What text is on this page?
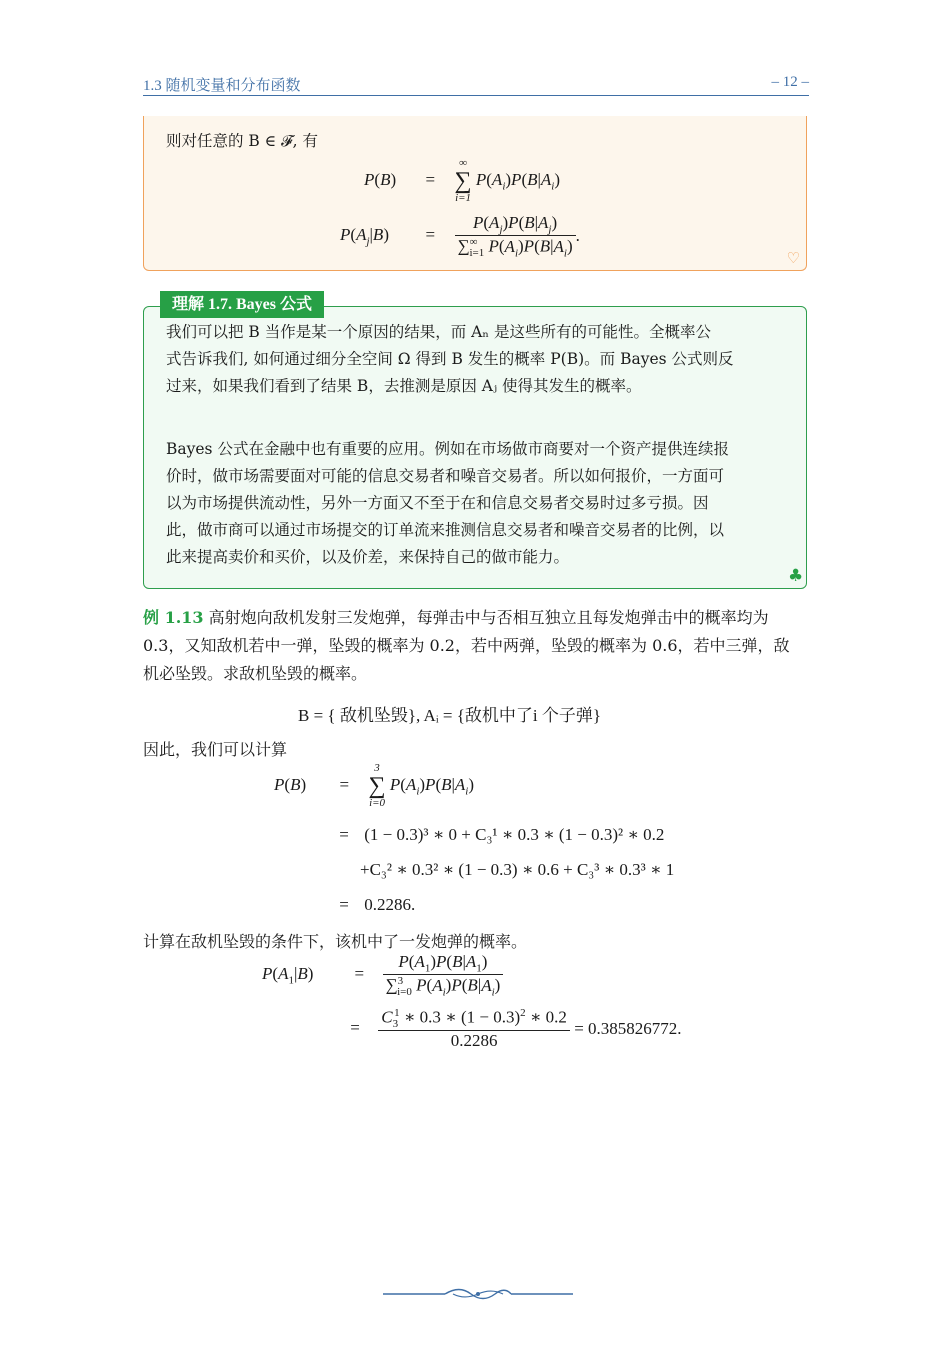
1.3 随机变量和分布函数	– 12 –
♡
则对任意的 B ∈ 𝓕, 有
P(B) =
∞
∑
i=1
$P(A_i)P(B|A_i)$
$P(A_j|B) = \frac{P(A_j)P(B|A_j)}{\sum^\infty_{i=1} P(A_i)P(B|A_i)}$ .
理解 1.7. Bayes 公式
我们可以把 B 当作是某一个原因的结果，而 Aₙ 是这些所有的可能性。全概率公
式告诉我们, 如何通过细分全空间 Ω 得到 B 发生的概率 P(B)。而 Bayes 公式则反
过来，如果我们看到了结果 B，去推测是原因 Aⱼ 使得其发生的概率。
Bayes 公式在金融中也有重要的应用。例如在市场做市商要对一个资产提供连续报
价时，做市场需要面对可能的信息交易者和噪音交易者。所以如何报价，一方面可
以为市场提供流动性，另外一方面又不至于在和信息交易者交易时过多亏损。因
此，做市商可以通过市场提交的订单流来推测信息交易者和噪音交易者的比例，以
此来提高卖价和买价，以及价差，来保持自己的做市能力。
♣
例 1.13 高射炮向敌机发射三发炮弹，每弹击中与否相互独立且每发炮弹击中的概率均为
0.3，又知敌机若中一弹，坠毁的概率为 0.2，若中两弹，坠毁的概率为 0.6，若中三弹，敌
机必坠毁。求敌机坠毁的概率。
B = { 敌机坠毁}, Aᵢ = {敌机中了i 个子弹}
因此，我们可以计算
P(B) =
3
∑
i=0
$P(A_i)P(B|A_i)$
= (1 − 0.3)³ ∗ 0 + C₃¹ ∗ 0.3 ∗ (1 − 0.3)² ∗ 0.2
+C₃² ∗ 0.3² ∗ (1 − 0.3) ∗ 0.6 + C₃³ ∗ 0.3³ ∗ 1
= 0.2286.
计算在敌机坠毁的条件下，该机中了一发炮弹的概率。
$P(A_1|B) = \frac{P(A_1)P(B|A_1)}{\sum^3_{i=0} P(A_i)P(B|A_i)}$
= $\frac{C_3^1 ∗ 0.3 ∗ (1 - 0.3)^2 ∗ 0.2}{0.2286} = 0.385826772$.
